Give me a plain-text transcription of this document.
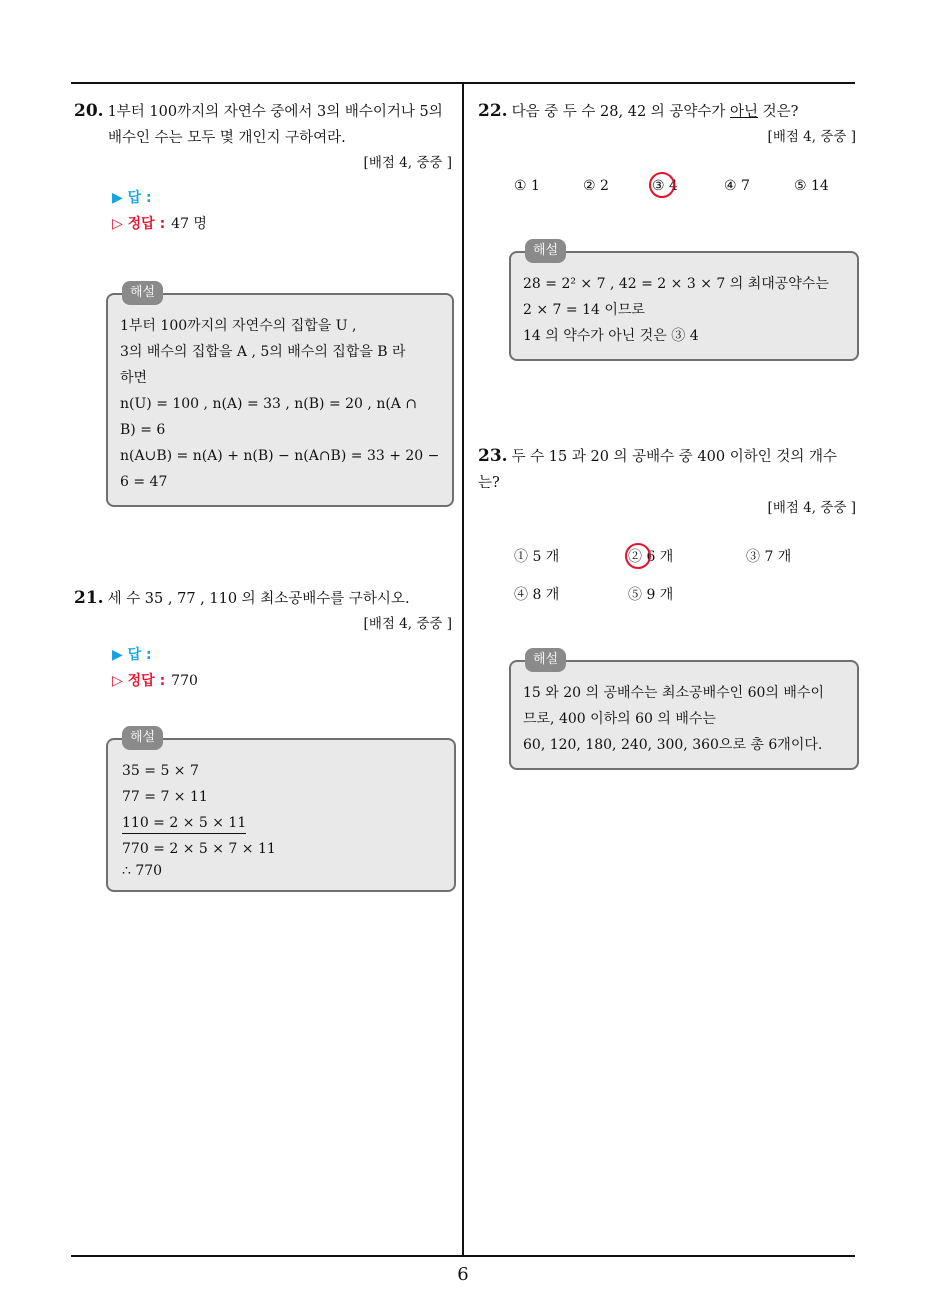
20. 1부터 100까지의 자연수 중에서 3의 배수이거나 5의
배수인 수는 모두 몇 개인지 구하여라.
[배점 4, 중중 ]
▶ 답 :
▷ 정답 : 47 명
해설
1부터 100까지의 자연수의 집합을 U ,
3의 배수의 집합을 A , 5의 배수의 집합을 B 라
하면
n(U) = 100 , n(A) = 33 , n(B) = 20 , n(A ∩
B) = 6
n(A∪B) = n(A) + n(B) − n(A∩B) = 33 + 20 −
6 = 47
21. 세 수 35 , 77 , 110 의 최소공배수를 구하시오.
[배점 4, 중중 ]
▶ 답 :
▷ 정답 : 770
해설
35 = 5 × 7
77 = 7 × 11
110 = 2 × 5 × 11
770 = 2 × 5 × 7 × 11
∴ 770
22. 다음 중 두 수 28, 42 의 공약수가 아닌 것은?
[배점 4, 중중 ]
① 1	② 2	③ 4	④ 7	⑤ 14
해설
28 = 2² × 7 , 42 = 2 × 3 × 7 의 최대공약수는
2 × 7 = 14 이므로
14 의 약수가 아닌 것은 ③ 4
23. 두 수 15 과 20 의 공배수 중 400 이하인 것의 개수는?
[배점 4, 중중 ]
① 5 개	② 6 개	③ 7 개
④ 8 개	⑤ 9 개
해설
15 와 20 의 공배수는 최소공배수인 60의 배수이
므로, 400 이하의 60 의 배수는
60, 120, 180, 240, 300, 360으로 총 6개이다.
6
